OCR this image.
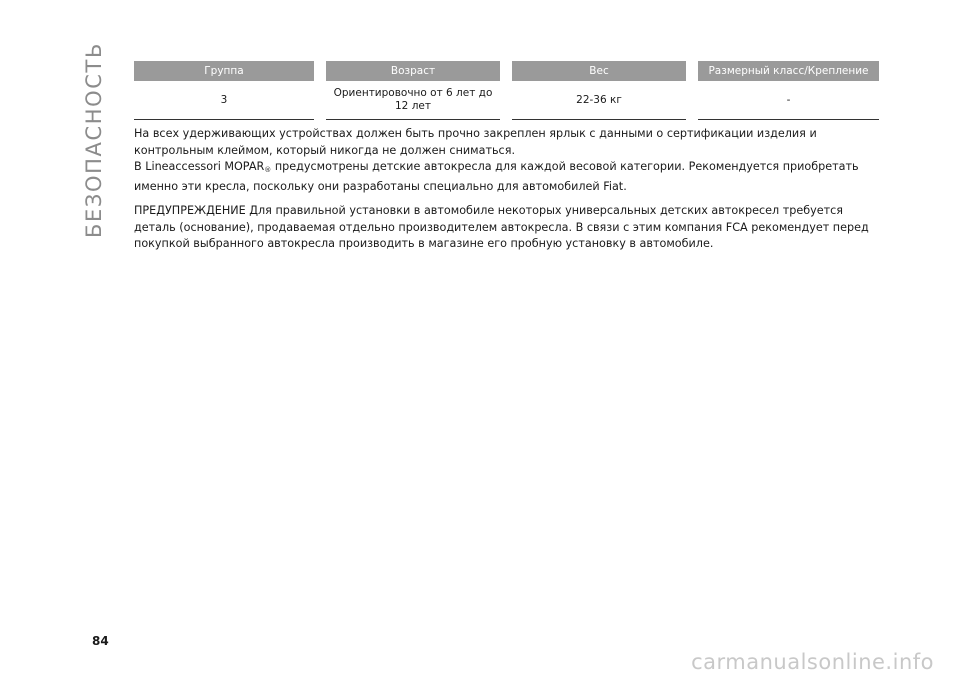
БЕЗОПАСНОСТЬ	Группа		Возраст		Вес		Размерный класс/Крепление
3		Ориентировочно от 6 лет до 12 лет		22-36 кг		-

На всех удерживающих устройствах должен быть прочно закреплен ярлык с данными о сертификации изделия и контрольным клеймом, который никогда не должен сниматься.

В Lineaccessori $MOPAR_®$ предусмотрены детские автокресла для каждой весовой категории. Рекомендуется приобретать именно эти кресла, поскольку они разработаны специально для автомобилей Fiat.

ПРЕДУПРЕЖДЕНИЕ Для правильной установки в автомобиле некоторых универсальных детских автокресел требуется деталь (основание), продаваемая отдельно производителем автокресла. В связи с этим компания FCA рекомендует перед покупкой выбранного автокресла производить в магазине его пробную установку в автомобиле.

84
carmanualsonline.info
